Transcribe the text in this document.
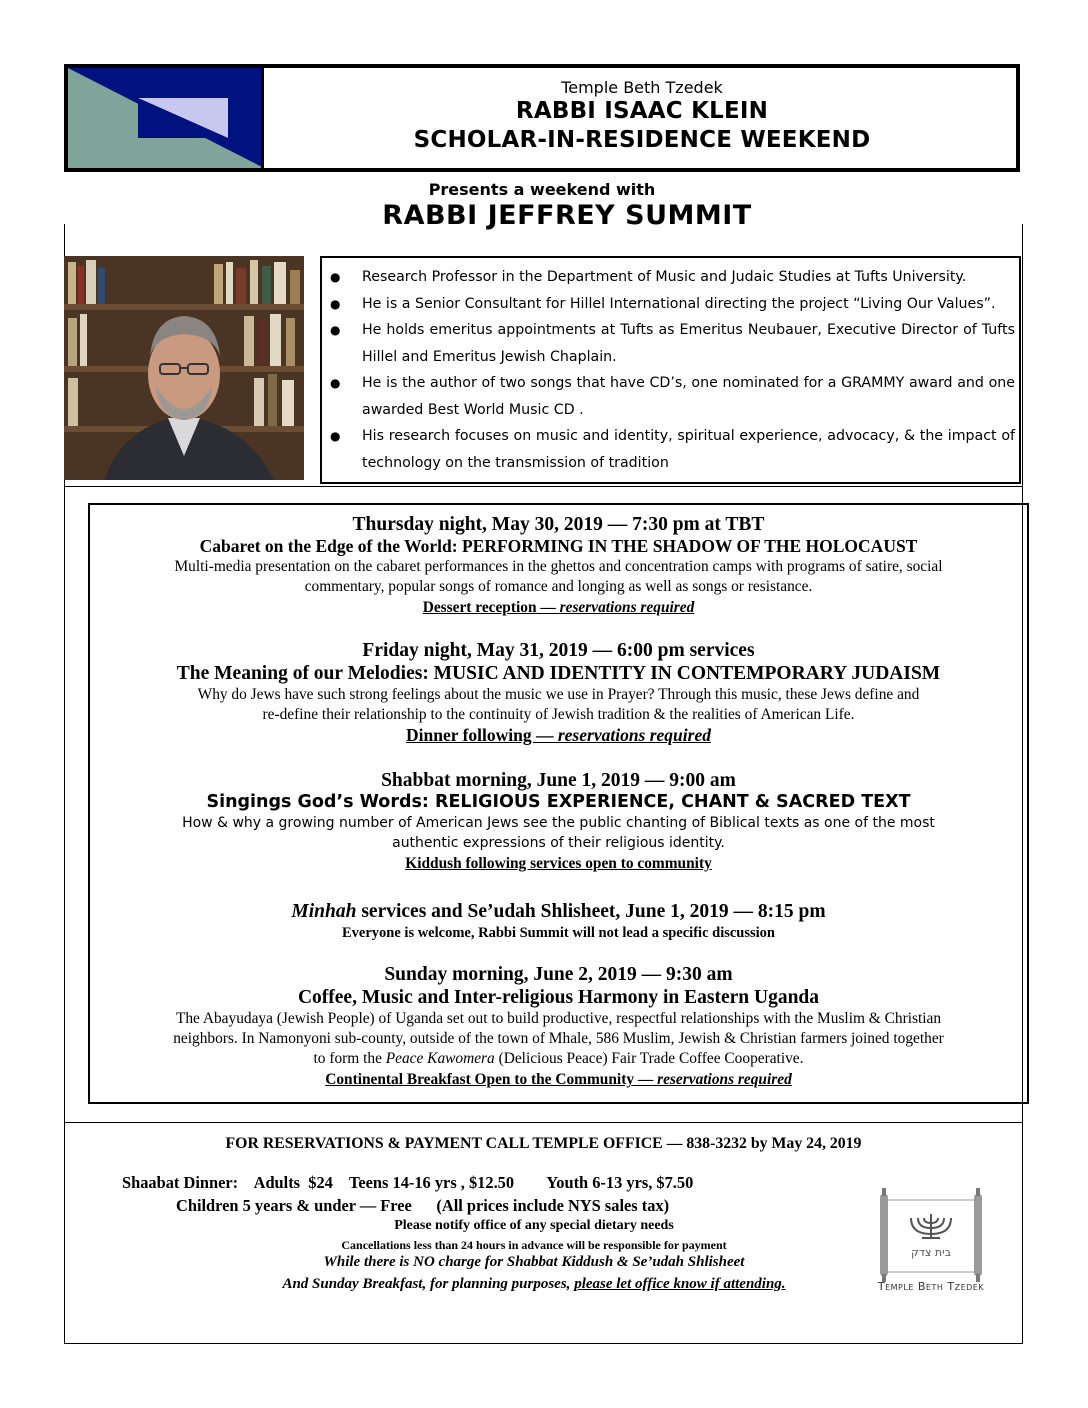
Temple Beth Tzedek
RABBI ISAAC KLEIN
SCHOLAR-IN-RESIDENCE WEEKEND
Presents a weekend with
RABBI JEFFREY SUMMIT
● Research Professor in the Department of Music and Judaic Studies at Tufts University.
● He is a Senior Consultant for Hillel International directing the project “Living Our Values”.
● He holds emeritus appointments at Tufts as Emeritus Neubauer, Executive Director of Tufts Hillel and Emeritus Jewish Chaplain.
● He is the author of two songs that have CD’s, one nominated for a GRAMMY award and one awarded Best World Music CD .
● His research focuses on music and identity, spiritual experience, advocacy, & the impact of technology on the transmission of tradition
Thursday night, May 30, 2019 — 7:30 pm at TBT
Cabaret on the Edge of the World: PERFORMING IN THE SHADOW OF THE HOLOCAUST
Multi-media presentation on the cabaret performances in the ghettos and concentration camps with programs of satire, social
commentary, popular songs of romance and longing as well as songs or resistance.
Dessert reception — reservations required
Friday night, May 31, 2019 — 6:00 pm services
The Meaning of our Melodies: MUSIC AND IDENTITY IN CONTEMPORARY JUDAISM
Why do Jews have such strong feelings about the music we use in Prayer? Through this music, these Jews define and
re-define their relationship to the continuity of Jewish tradition & the realities of American Life.
Dinner following — reservations required
Shabbat morning, June 1, 2019 — 9:00 am
Singings God’s Words: RELIGIOUS EXPERIENCE, CHANT & SACRED TEXT
How & why a growing number of American Jews see the public chanting of Biblical texts as one of the most
authentic expressions of their religious identity.
Kiddush following services open to community
Minhah services and Se’udah Shlisheet, June 1, 2019 — 8:15 pm
Everyone is welcome, Rabbi Summit will not lead a specific discussion
Sunday morning, June 2, 2019 — 9:30 am
Coffee, Music and Inter-religious Harmony in Eastern Uganda
The Abayudaya (Jewish People) of Uganda set out to build productive, respectful relationships with the Muslim & Christian
neighbors. In Namonyoni sub-county, outside of the town of Mhale, 586 Muslim, Jewish & Christian farmers joined together
to form the Peace Kawomera (Delicious Peace) Fair Trade Coffee Cooperative.
Continental Breakfast Open to the Community — reservations required
FOR RESERVATIONS & PAYMENT CALL TEMPLE OFFICE — 838-3232 by May 24, 2019
Shaabat Dinner:    Adults  $24    Teens 14-16 yrs , $12.50        Youth 6-13 yrs, $7.50
Children 5 years & under — Free      (All prices include NYS sales tax)
Please notify office of any special dietary needs
Cancellations less than 24 hours in advance will be responsible for payment
While there is NO charge for Shabbat Kiddush & Se’udah Shlisheet
And Sunday Breakfast, for planning purposes, please let office know if attending.
בית צדק
Temple Beth Tzedek
